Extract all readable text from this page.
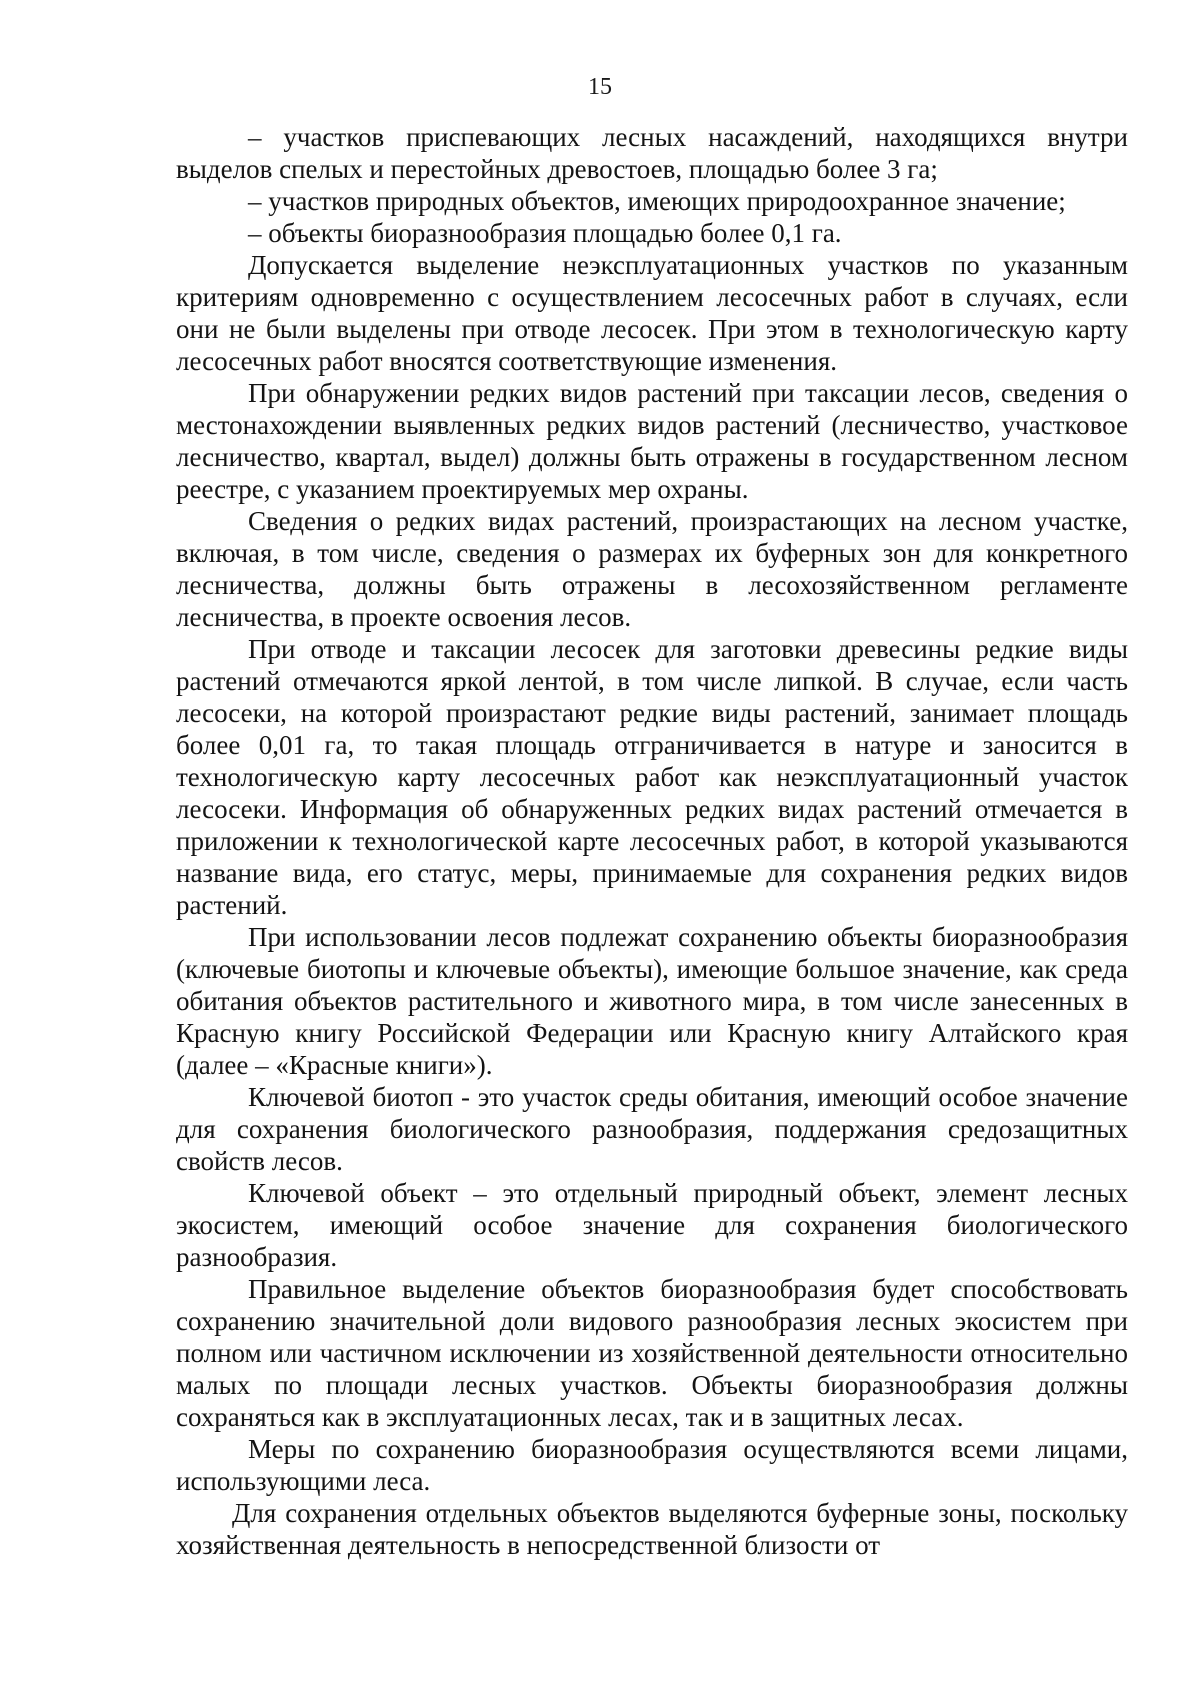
15

– участков приспевающих лесных насаждений, находящихся внутри выделов спелых и перестойных древостоев, площадью более 3 га;

– участков природных объектов, имеющих природоохранное значение;

– объекты биоразнообразия площадью более 0,1 га.

Допускается выделение неэксплуатационных участков по указанным критериям одновременно с осуществлением лесосечных работ в случаях, если они не были выделены при отводе лесосек. При этом в технологическую карту лесосечных работ вносятся соответствующие изменения.

При обнаружении редких видов растений при таксации лесов, сведения о местонахождении выявленных редких видов растений (лесничество, участковое лесничество, квартал, выдел) должны быть отражены в государственном лесном реестре, с указанием проектируемых мер охраны.

Сведения о редких видах растений, произрастающих на лесном участке, включая, в том числе, сведения о размерах их буферных зон для конкретного лесничества, должны быть отражены в лесохозяйственном регламенте лесничества, в проекте освоения лесов.

При отводе и таксации лесосек для заготовки древесины редкие виды растений отмечаются яркой лентой, в том числе липкой. В случае, если часть лесосеки, на которой произрастают редкие виды растений, занимает площадь более 0,01 га, то такая площадь отграничивается в натуре и заносится в технологическую карту лесосечных работ как неэксплуатационный участок лесосеки. Информация об обнаруженных редких видах растений отмечается в приложении к технологической карте лесосечных работ, в которой указываются название вида, его статус, меры, принимаемые для сохранения редких видов растений.

При использовании лесов подлежат сохранению объекты биоразнообразия (ключевые биотопы и ключевые объекты), имеющие большое значение, как среда обитания объектов растительного и животного мира, в том числе занесенных в Красную книгу Российской Федерации или Красную книгу Алтайского края (далее – «Красные книги»).

Ключевой биотоп - это участок среды обитания, имеющий особое значение для сохранения биологического разнообразия, поддержания средозащитных свойств лесов.

Ключевой объект – это отдельный природный объект, элемент лесных экосистем, имеющий особое значение для сохранения биологического разнообразия.

Правильное выделение объектов биоразнообразия будет способствовать сохранению значительной доли видового разнообразия лесных экосистем при полном или частичном исключении из хозяйственной деятельности относительно малых по площади лесных участков. Объекты биоразнообразия должны сохраняться как в эксплуатационных лесах, так и в защитных лесах.

Меры по сохранению биоразнообразия осуществляются всеми лицами, использующими леса.

Для сохранения отдельных объектов выделяются буферные зоны, поскольку хозяйственная деятельность в непосредственной близости от
